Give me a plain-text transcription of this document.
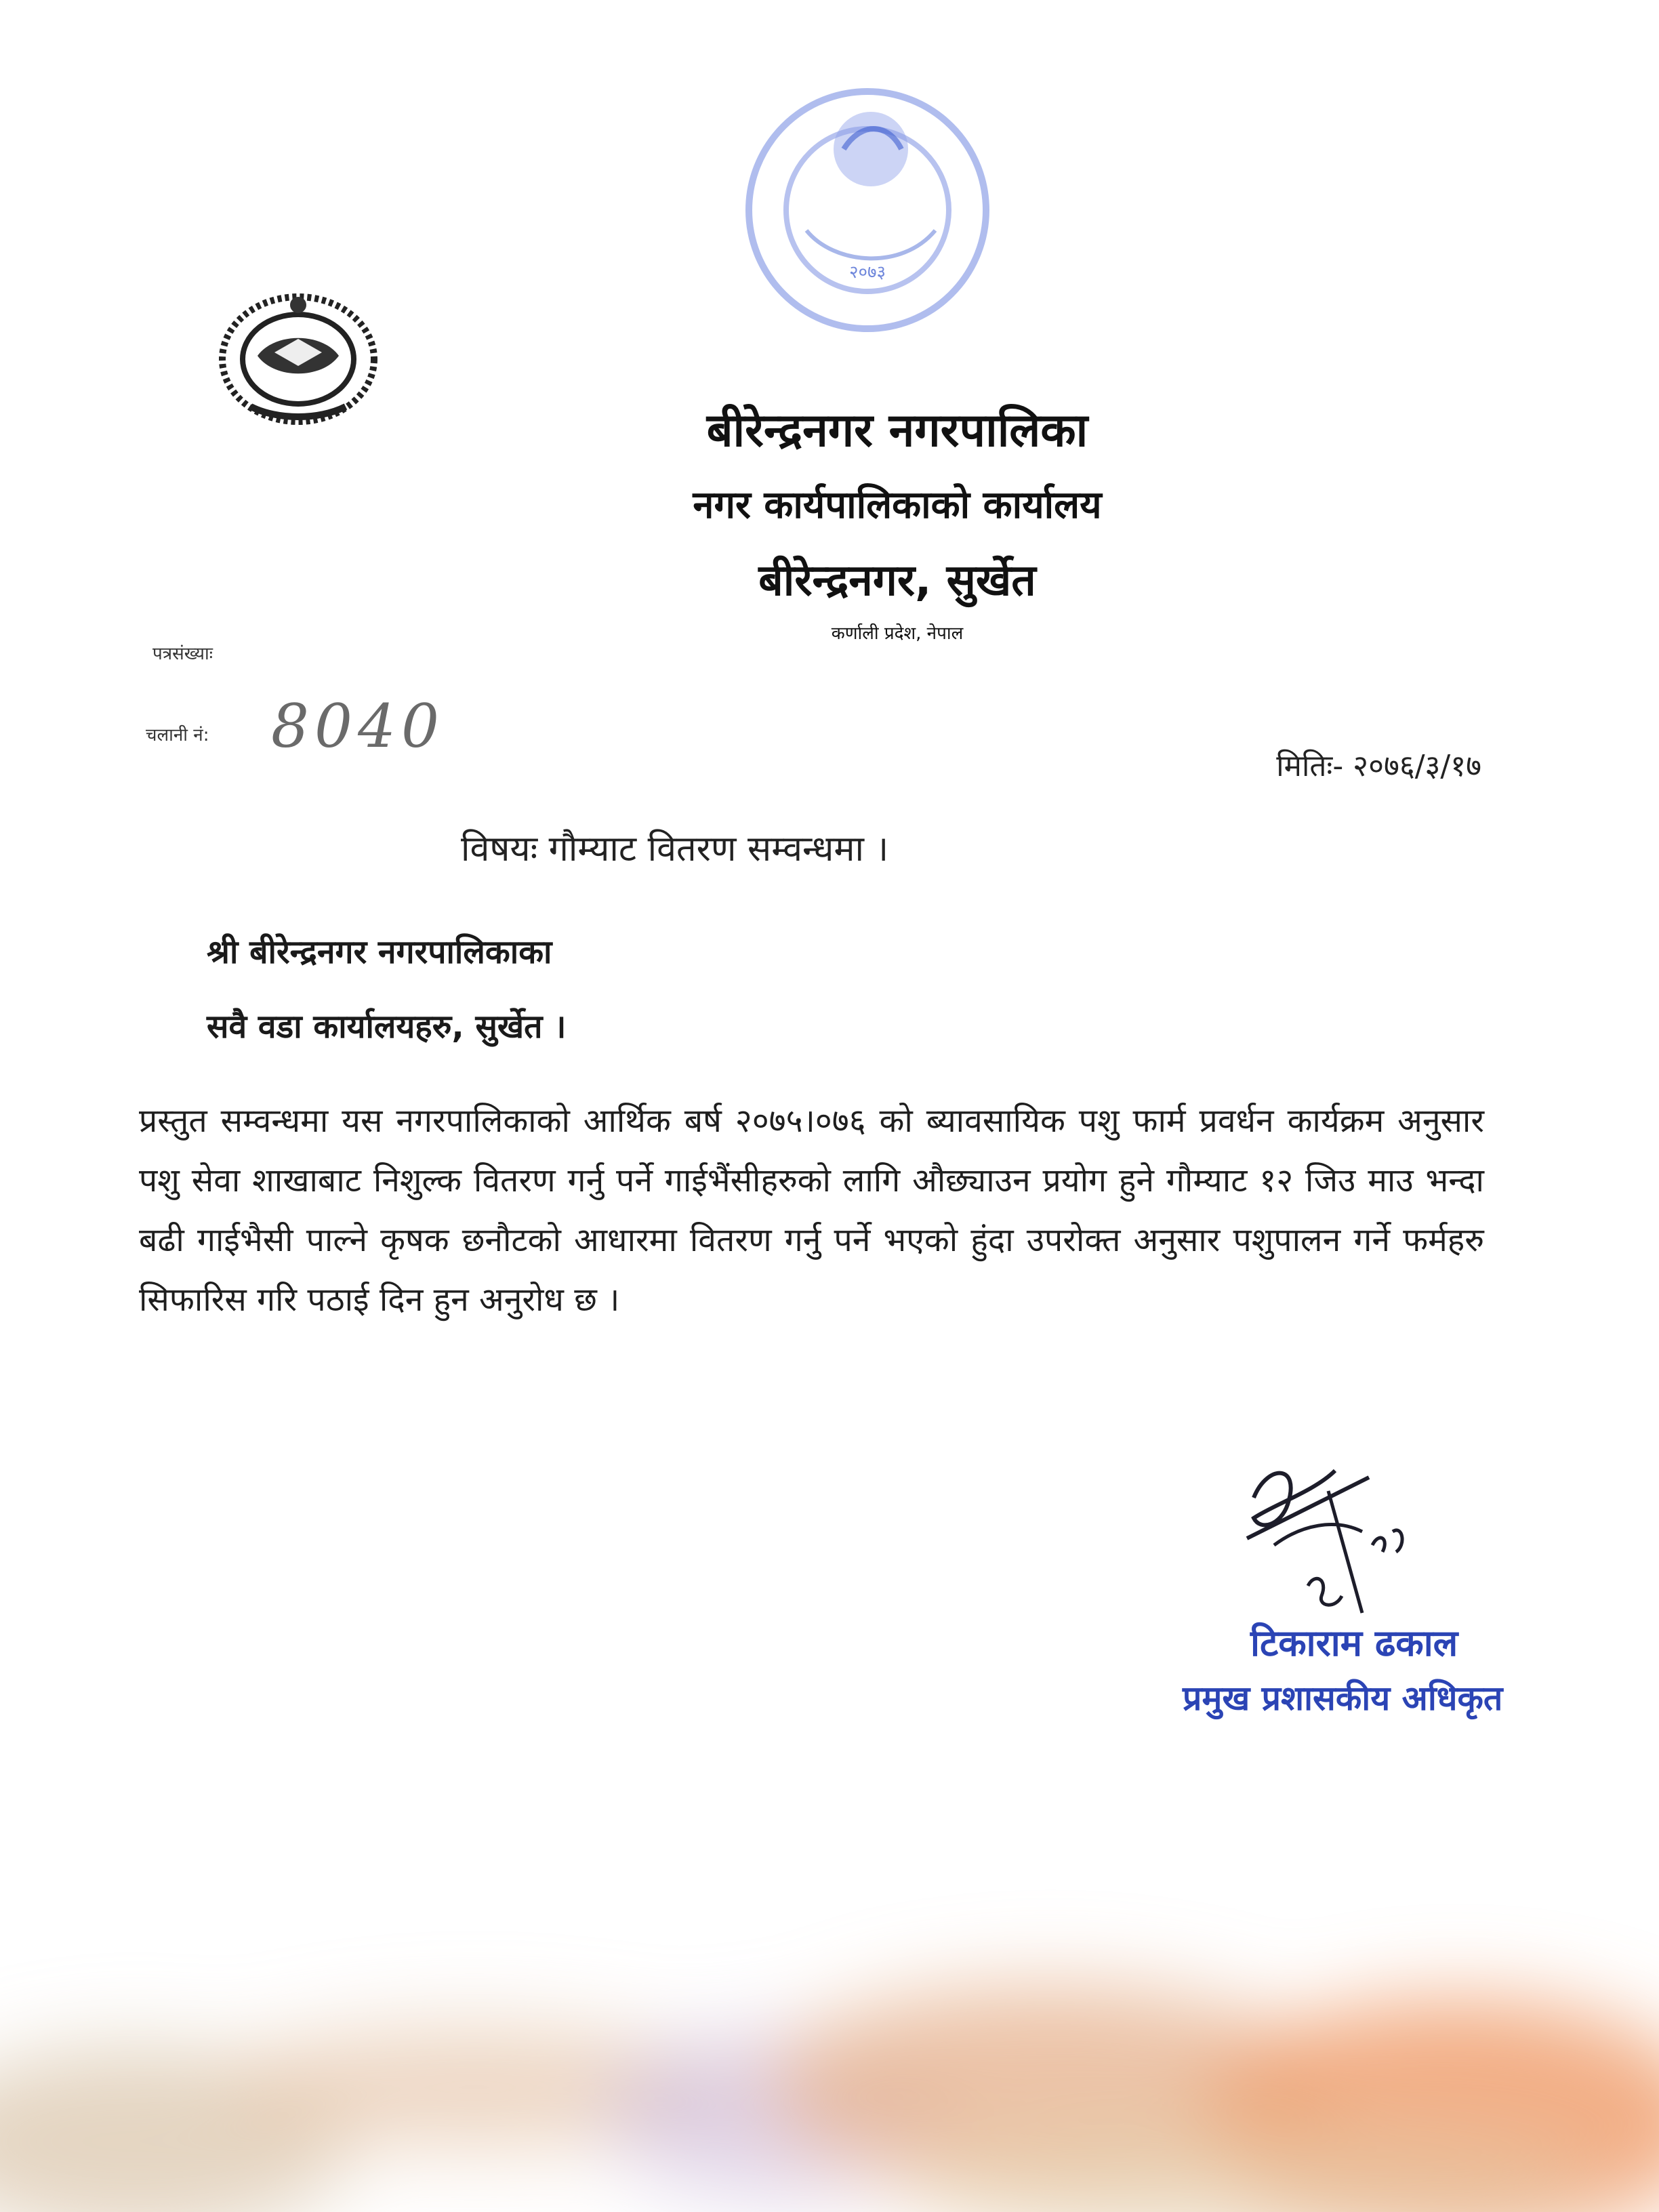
२०७३
बीरेन्द्रनगर नगरपालिका
नगर कार्यपालिकाको कार्यालय
बीरेन्द्रनगर, सुर्खेत
कर्णाली प्रदेश, नेपाल
पत्रसंख्याः
चलानी नं: 8040
मितिः- २०७६/३/१७
विषयः गौम्याट वितरण सम्वन्धमा ।
श्री बीरेन्द्रनगर नगरपालिकाका
सवै वडा कार्यालयहरु, सुर्खेत ।
प्रस्तुत सम्वन्धमा यस नगरपालिकाको आर्थिक बर्ष २०७५।०७६ को ब्यावसायिक पशु फार्म प्रवर्धन कार्यक्रम अनुसार पशु सेवा शाखाबाट निशुल्क वितरण गर्नु पर्ने गाईभैंसीहरुको लागि औछ्याउन प्रयोग हुने गौम्याट १२ जिउ माउ भन्दा बढी गाईभैसी पाल्ने कृषक छनौटको आधारमा वितरण गर्नु पर्ने भएको हुंदा उपरोक्त अनुसार पशुपालन गर्ने फर्महरु सिफारिस गरि पठाई दिन हुन अनुरोध छ ।
टिकाराम ढकाल
प्रमुख प्रशासकीय अधिकृत
